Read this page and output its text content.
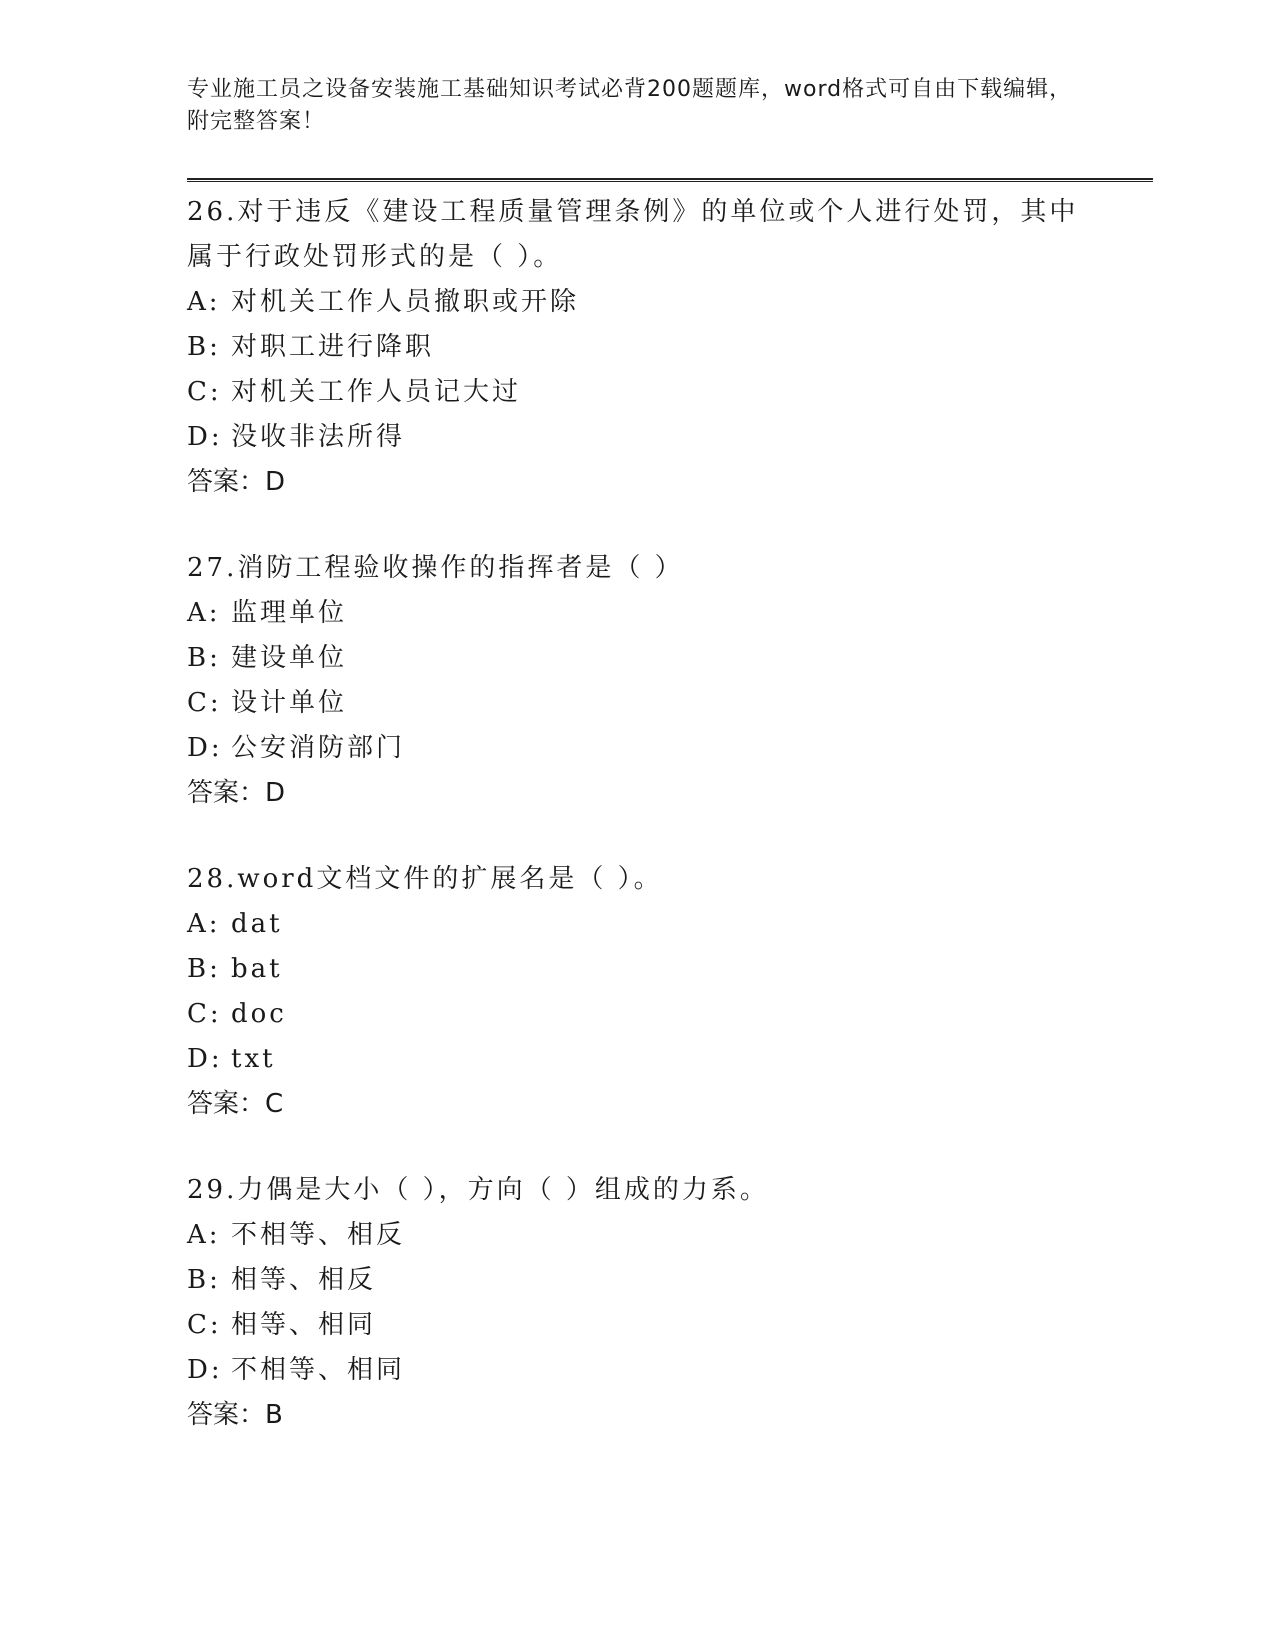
专业施工员之设备安装施工基础知识考试必背200题题库，word格式可自由下载编辑，附完整答案！

26.对于违反《建设工程质量管理条例》的单位或个人进行处罚，其中属于行政处罚形式的是（ ）。

A: 对机关工作人员撤职或开除

B: 对职工进行降职

C: 对机关工作人员记大过

D: 没收非法所得

答案：D

27.消防工程验收操作的指挥者是（ ）

A: 监理单位

B: 建设单位

C: 设计单位

D: 公安消防部门

答案：D

28.word文档文件的扩展名是（ ）。

A: dat

B: bat

C: doc

D: txt

答案：C

29.力偶是大小（ ），方向（ ）组成的力系。

A: 不相等、相反

B: 相等、相反

C: 相等、相同

D: 不相等、相同

答案：B
